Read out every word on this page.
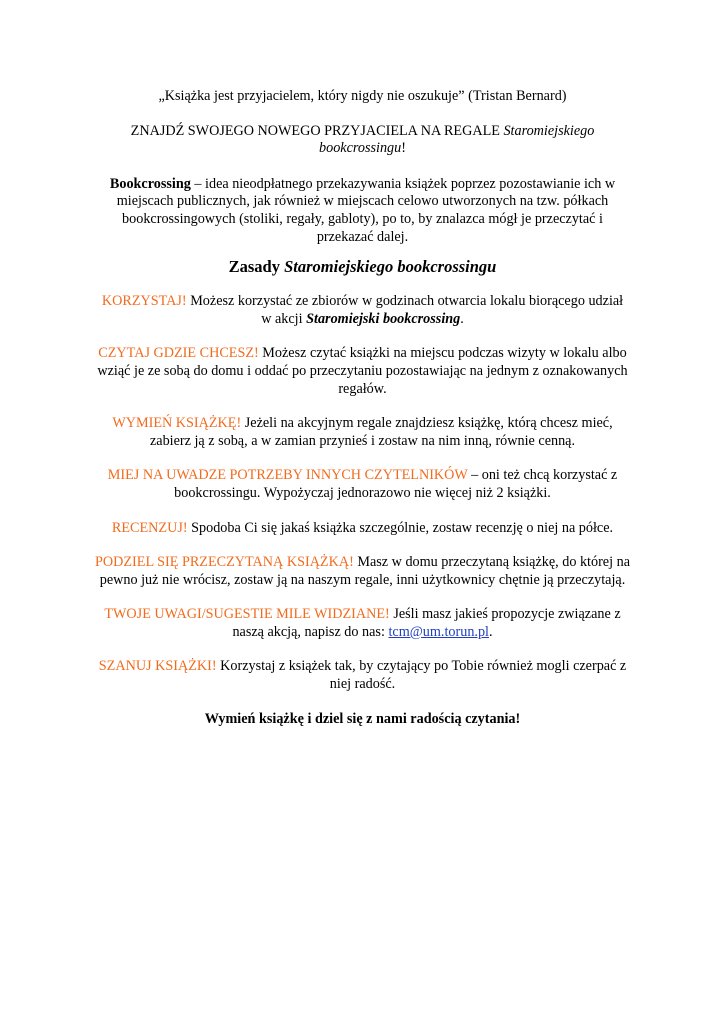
„Książka jest przyjacielem, który nigdy nie oszukuje” (Tristan Bernard)

ZNAJDŹ SWOJEGO NOWEGO PRZYJACIELA NA REGALE Staromiejskiego bookcrossingu!

Bookcrossing – idea nieodpłatnego przekazywania książek poprzez pozostawianie ich w miejscach publicznych, jak również w miejscach celowo utworzonych na tzw. półkach bookcrossingowych (stoliki, regały, gabloty), po to, by znalazca mógł je przeczytać i przekazać dalej.

Zasady Staromiejskiego bookcrossingu

KORZYSTAJ! Możesz korzystać ze zbiorów w godzinach otwarcia lokalu biorącego udział w akcji Staromiejski bookcrossing.

CZYTAJ GDZIE CHCESZ! Możesz czytać książki na miejscu podczas wizyty w lokalu albo wziąć je ze sobą do domu i oddać po przeczytaniu pozostawiając na jednym z oznakowanych regałów.

WYMIEŃ KSIĄŻKĘ! Jeżeli na akcyjnym regale znajdziesz książkę, którą chcesz mieć, zabierz ją z sobą, a w zamian przynieś i zostaw na nim inną, równie cenną.

MIEJ NA UWADZE POTRZEBY INNYCH CZYTELNIKÓW – oni też chcą korzystać z bookcrossingu. Wypożyczaj jednorazowo nie więcej niż 2 książki.

RECENZUJ! Spodoba Ci się jakaś książka szczególnie, zostaw recenzję o niej na półce.

PODZIEL SIĘ PRZECZYTANĄ KSIĄŻKĄ! Masz w domu przeczytaną książkę, do której na pewno już nie wrócisz, zostaw ją na naszym regale, inni użytkownicy chętnie ją przeczytają.

TWOJE UWAGI/SUGESTIE MILE WIDZIANE! Jeśli masz jakieś propozycje związane z naszą akcją, napisz do nas: tcm@um.torun.pl.

SZANUJ KSIĄŻKI! Korzystaj z książek tak, by czytający po Tobie również mogli czerpać z niej radość.

Wymień książkę i dziel się z nami radością czytania!
